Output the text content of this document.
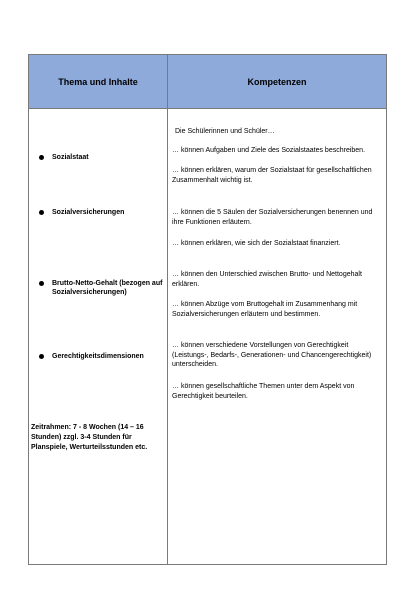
Thema und Inhalte	Kompetenzen
Sozialstaat
Sozialversicherungen
Brutto-Netto-Gehalt (bezogen auf Sozialversicherungen)
Gerechtigkeitsdimensionen
Zeitrahmen: 7 - 8 Wochen (14 – 16 Stunden) zzgl. 3-4 Stunden für Planspiele, Werturteilsstunden etc.
Die Schülerinnen und Schüler…
… können Aufgaben und Ziele des Sozialstaates beschreiben.
… können erklären, warum der Sozialstaat für gesellschaftlichen Zusammenhalt wichtig ist.
… können die 5 Säulen der Sozialversicherungen benennen und ihre Funktionen erläutern.
… können erklären, wie sich der Sozialstaat finanziert.
… können den Unterschied zwischen Brutto- und Nettogehalt erklären.
… können Abzüge vom Bruttogehalt im Zusammenhang mit Sozialversicherungen erläutern und bestimmen.
… können verschiedene Vorstellungen von Gerechtigkeit (Leistungs-, Bedarfs-, Generationen- und Chancengerechtigkeit) unterscheiden.
… können gesellschaftliche Themen unter dem Aspekt von Gerechtigkeit beurteilen.
